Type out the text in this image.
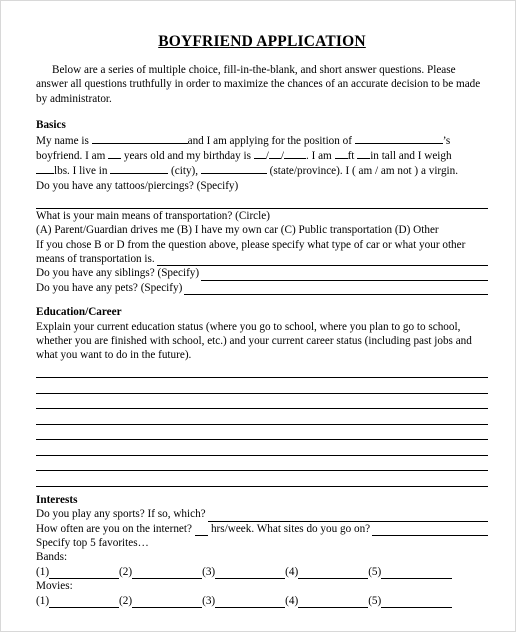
BOYFRIEND APPLICATION
Below are a series of multiple choice, fill-in-the-blank, and short answer questions. Please answer all questions truthfully in order to maximize the chances of an accurate decision to be made by administrator.
Basics
My name is	and I am applying for the position of	’s
boyfriend. I am years old and my birthday is / / . I am ft in tall and I weigh
lbs. I live in	(city),	(state/province). I ( am / am not ) a virgin.
Do you have any tattoos/piercings? (Specify)
What is your main means of transportation? (Circle)
(A) Parent/Guardian drives me (B) I have my own car (C) Public transportation (D) Other
If you chose B or D from the question above, please specify what type of car or what your other
means of transportation is.
Do you have any siblings? (Specify)
Do you have any pets? (Specify)
Education/Career
Explain your current education status (where you go to school, where you plan to go to school, whether you are finished with school, etc.) and your current career status (including past jobs and what you want to do in the future).
Interests
Do you play any sports? If so, which?
How often are you on the internet? hrs/week. What sites do you go on?
Specify top 5 favorites…
Bands:
(1)	(2)	(3)	(4)	(5)
Movies:
(1)	(2)	(3)	(4)	(5)
